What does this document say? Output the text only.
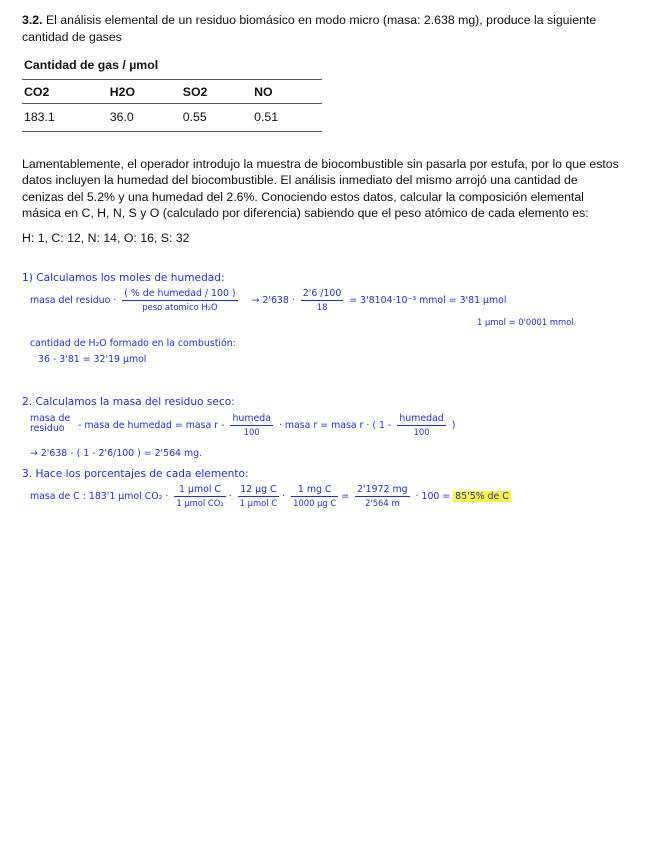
3.2. El análisis elemental de un residuo biomásico en modo micro (masa: 2.638 mg), produce la siguiente cantidad de gases

Cantidad de gas / µmol
CO2	H2O	SO2	NO
183.1	36.0	0.55	0.51

Lamentablemente, el operador introdujo la muestra de biocombustible sin pasarla por estufa, por lo que estos datos incluyen la humedad del biocombustible. El análisis inmediato del mismo arrojó una cantidad de cenizas del 5.2% y una humedad del 2.6%. Conociendo estos datos, calcular la composición elemental másica en C, H, N, S y O (calculado por diferencia) sabiendo que el peso atómico de cada elemento es:

H: 1, C: 12, N: 14, O: 16, S: 32
1) Calculamos los moles de humedad:
masa del residuo · $\frac{\text{( \% de humedad / 100 )}}{\text{peso atomico H₂O}} \to 2'638 \cdot \frac{2'6 /100}{18} = 3'8104\cdot 10^{-3}$ mmol = 3'81 µmol
1 µmol = 0'0001 mmol
cantidad de H₂O formado en la combustión:
36 - 3'81 = 32'19 µmol
2. Calculamos la masa del residuo seco:
masa de
residuo	- masa de humedad = masa r - $\frac{\text{humeda}}{100}$ · masa r = masa r · ( $1 - \frac{\text{humedad}}{100}$ )
→ 2'638 - ( 1 - 2'6/100 ) = 2'564 mg.
3. Hace los porcentajes de cada elemento:
masa de C : 183'1 µmol $CO_2 \cdot \frac{\text{1 µmol C}}{\text{1 µmol CO₂}} \cdot \frac{\text{12 µg C}}{\text{1 µmol C}} \cdot \frac{\text{1 mg C}}{\text{1000 µg C}} = \frac{2'1972 mg}{2'564 m} \cdot 100 = 85'5\%$ de C
